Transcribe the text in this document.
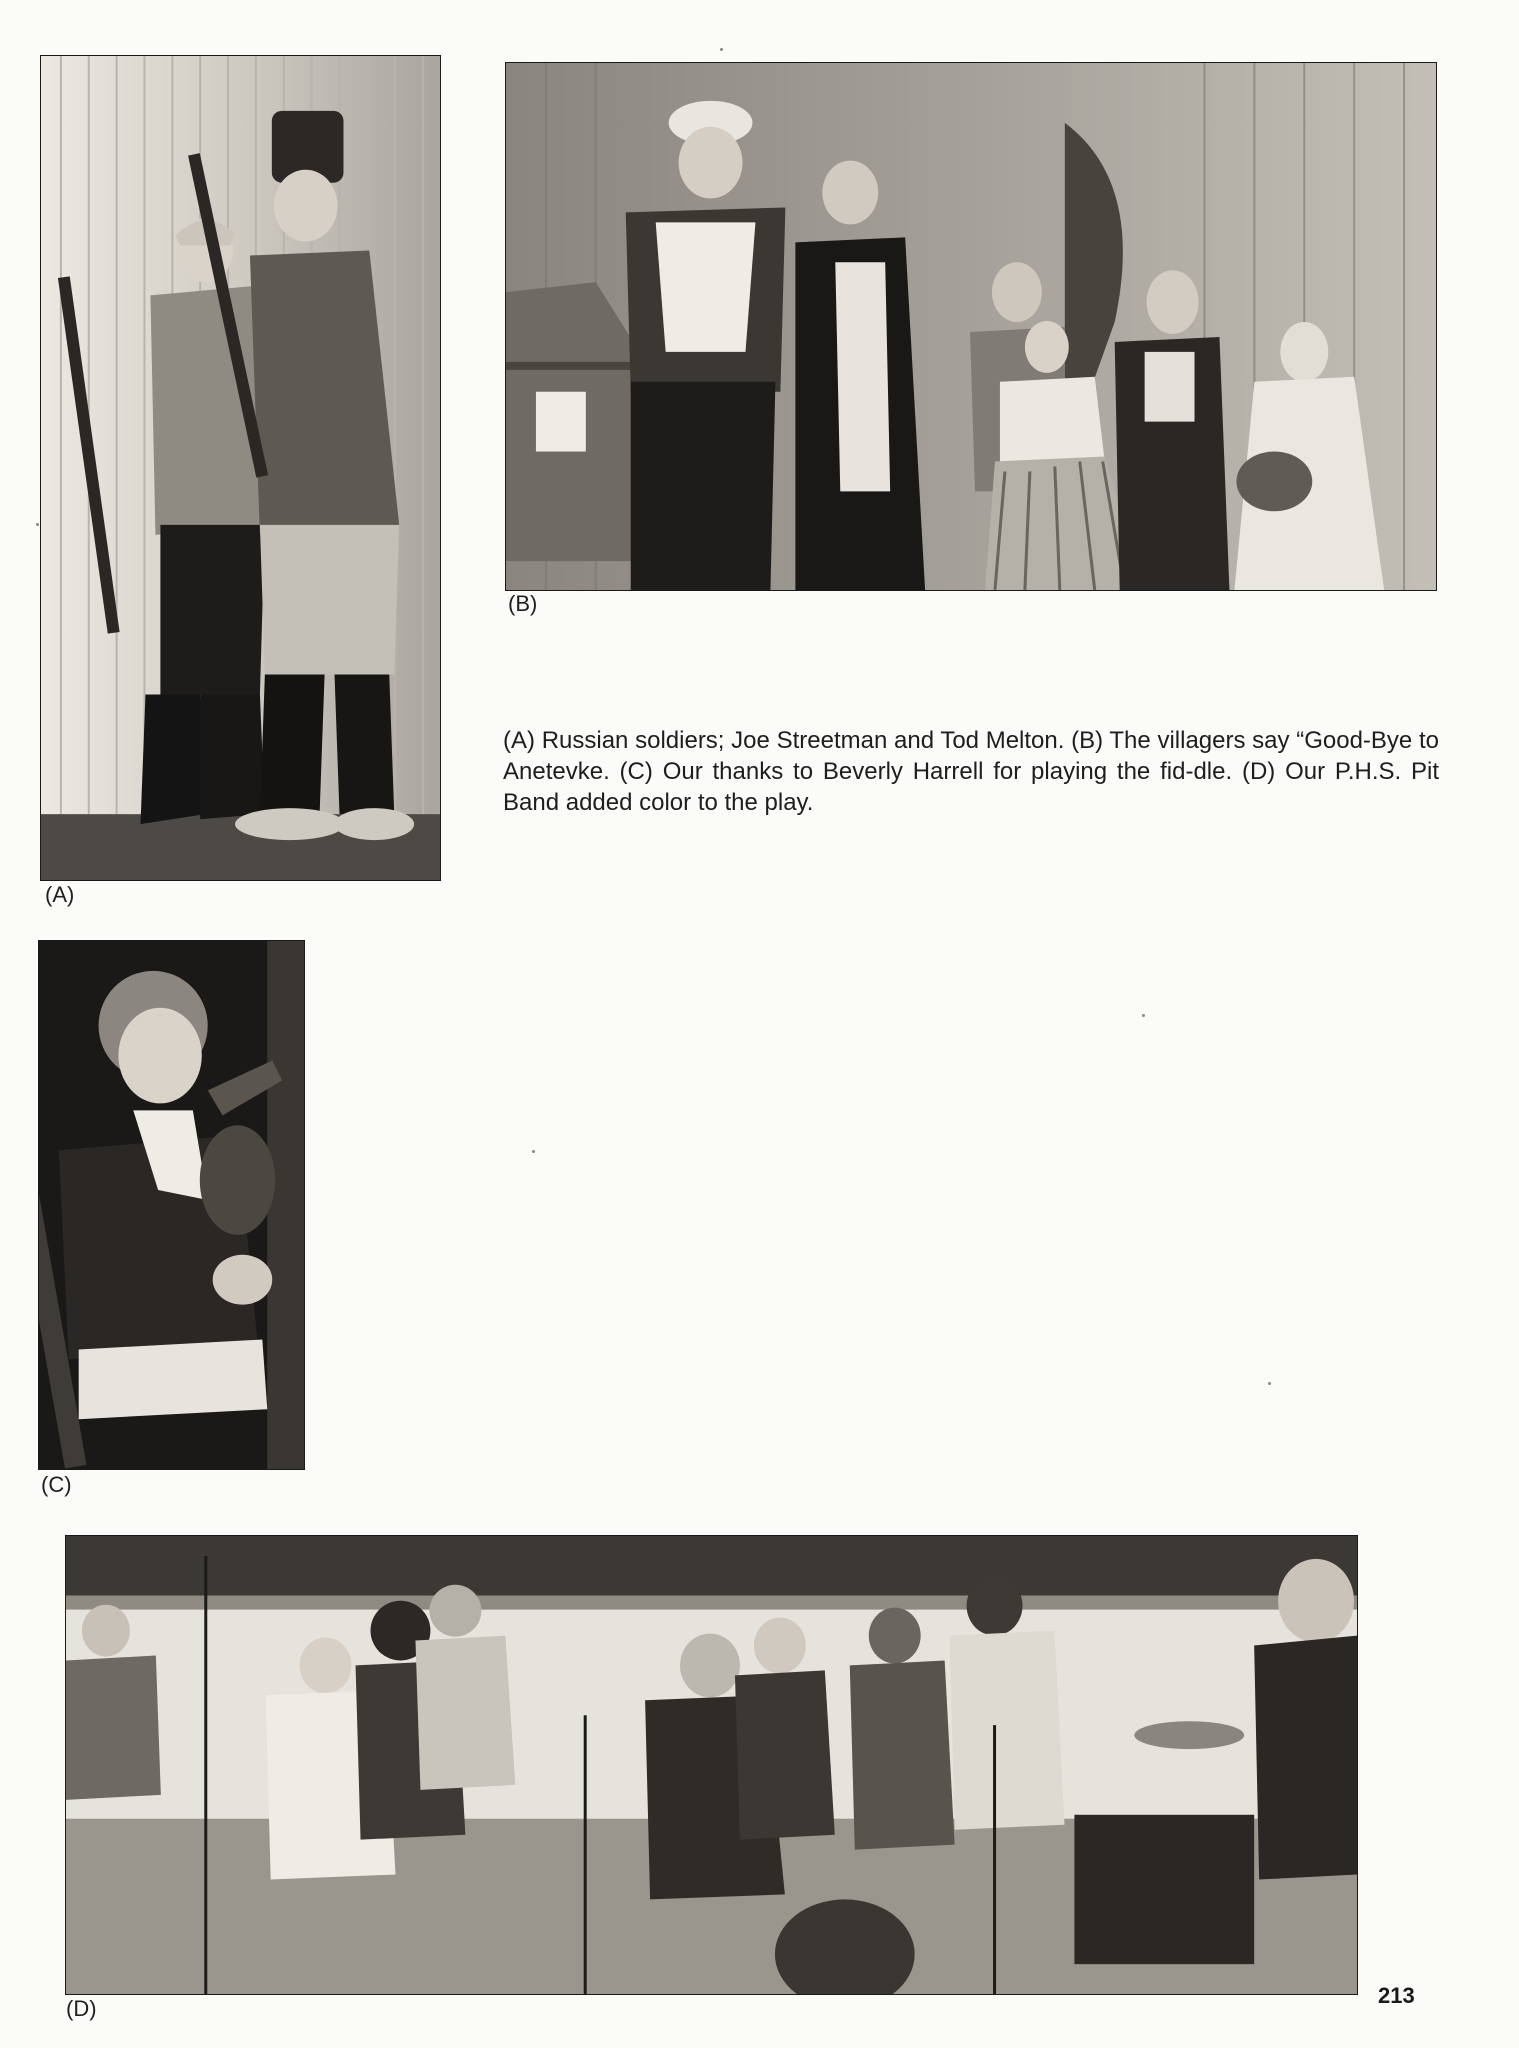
(A)
(B)
(A) Russian soldiers; Joe Streetman and Tod Melton. (B) The villagers say “Good-Bye to Anetevke. (C) Our thanks to Beverly Harrell for playing the fid-dle. (D) Our P.H.S. Pit Band added color to the play.
(C)
(D)
213
